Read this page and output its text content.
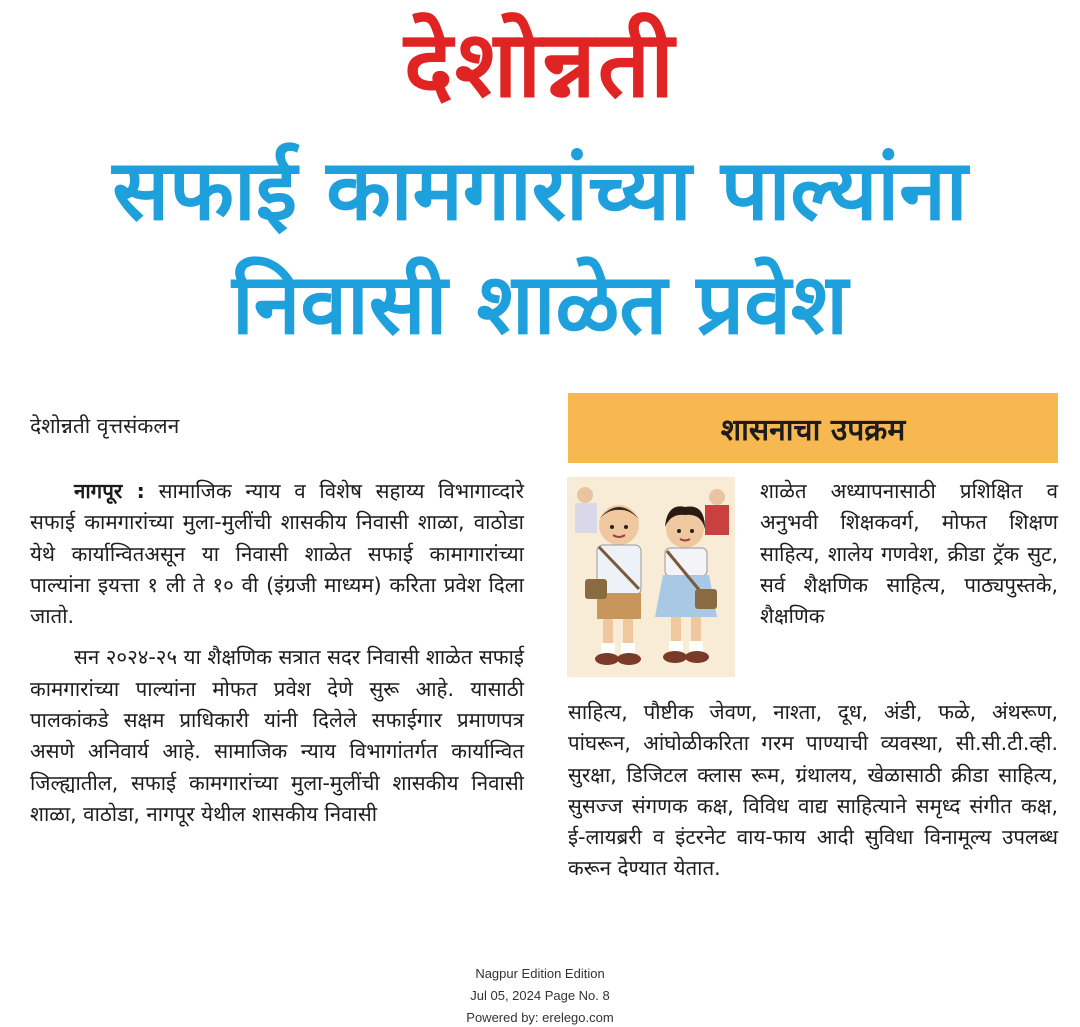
देशोन्नती
सफाई कामगारांच्या पाल्यांना
निवासी शाळेत प्रवेश
देशोन्नती वृत्तसंकलन

नागपूर : सामाजिक न्याय व विशेष सहाय्य विभागाव्दारे सफाई कामगारांच्या मुला-मुलींची शासकीय निवासी शाळा, वाठोडा येथे कार्यान्वितअसून या निवासी शाळेत सफाई कामागारांच्या पाल्यांना इयत्ता १ ली ते १० वी (इंग्रजी माध्यम) करिता प्रवेश दिला जातो.

सन २०२४-२५ या शैक्षणिक सत्रात सदर निवासी शाळेत सफाई कामगारांच्या पाल्यांना मोफत प्रवेश देणे सुरू आहे. यासाठी पालकांकडे सक्षम प्राधिकारी यांनी दिलेले सफाईगार प्रमाणपत्र असणे अनिवार्य आहे. सामाजिक न्याय विभागांतर्गत कार्यान्वित जिल्ह्यातील, सफाई कामगारांच्या मुला-मुलींची शासकीय निवासी शाळा, वाठोडा, नागपूर येथील शासकीय निवासी

शासनाचा उपक्रम
शाळेत अध्यापनासाठी प्रशिक्षित व अनुभवी शिक्षकवर्ग, मोफत शिक्षण साहित्य, शालेय गणवेश, क्रीडा ट्रॅक सुट, सर्व शैक्षणिक साहित्य, पाठ्यपुस्तके, शैक्षणिक
साहित्य, पौष्टीक जेवण, नाश्ता, दूध, अंडी, फळे, अंथरूण, पांघरून, आंघोळीकरिता गरम पाण्याची व्यवस्था, सी.सी.टी.व्ही. सुरक्षा, डिजिटल क्लास रूम, ग्रंथालय, खेळासाठी क्रीडा साहित्य, सुसज्ज संगणक कक्ष, विविध वाद्य साहित्याने समृध्द संगीत कक्ष, ई-लायब्ररी व इंटरनेट वाय-फाय आदी सुविधा विनामूल्य उपलब्ध करून देण्यात येतात.
Nagpur Edition Edition
Jul 05, 2024 Page No. 8
Powered by: erelego.com
